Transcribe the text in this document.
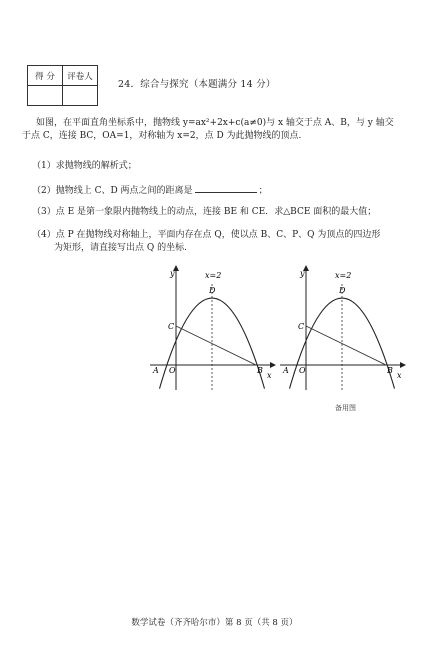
得 分	评卷人

24．综合与探究（本题满分 14 分）
如图，在平面直角坐标系中，抛物线 y=ax²+2x+c(a≠0)与 x 轴交于点 A、B，与 y 轴交
于点 C，连接 BC，OA=1，对称轴为 x=2，点 D 为此抛物线的顶点.
（1）求抛物线的解析式；
（2）抛物线上 C、D 两点之间的距离是	；
（3）点 E 是第一象限内抛物线上的动点，连接 BE 和 CE．求△BCE 面积的最大值；
（4）点 P 在抛物线对称轴上，平面内存在点 Q，使以点 B、C、P、Q 为顶点的四边形
为矩形，请直接写出点 Q 的坐标.
y
x
x=2
D
C
A O	B
y
x
x=2
D
C
A O	B
备用图
数学试卷（齐齐哈尔市）第 8 页（共 8 页）
